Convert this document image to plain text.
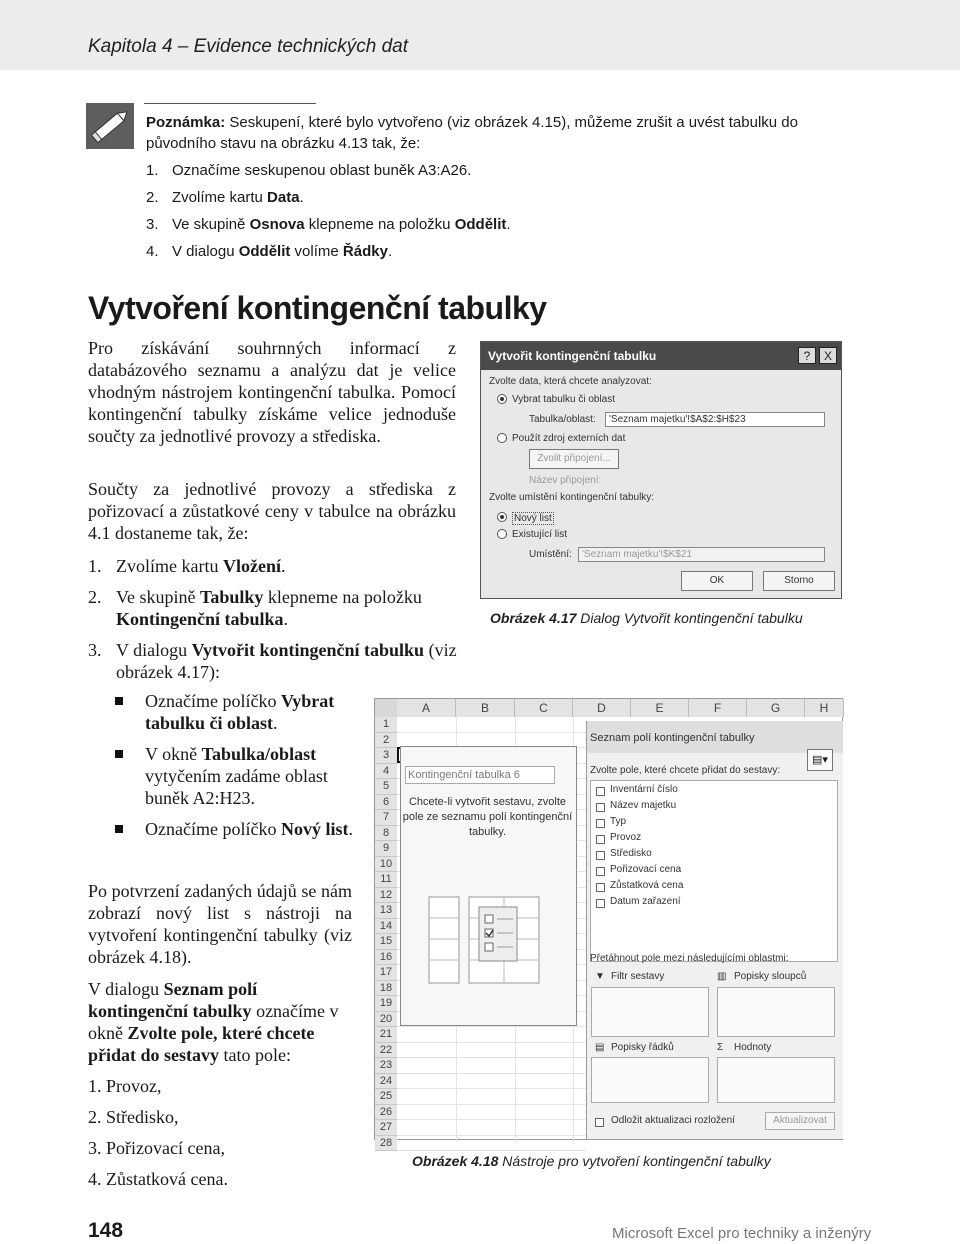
Kapitola 4 – Evidence technických dat
Poznámka: Seskupení, které bylo vytvořeno (viz obrázek 4.15), můžeme zrušit a uvést tabulku do původního stavu na obrázku 4.13 tak, že:
1. Označíme seskupenou oblast buněk A3:A26.
2. Zvolíme kartu Data.
3. Ve skupině Osnova klepneme na položku Oddělit.
4. V dialogu Oddělit volíme Řádky.
Vytvoření kontingenční tabulky
Pro získávání souhrnných informací z databázového seznamu a analýzu dat je velice vhodným nástrojem kontingenční tabulka. Pomocí kontingenční tabulky získáme velice jednoduše součty za jednotlivé provozy a střediska.
Součty za jednotlivé provozy a střediska z pořizovací a zůstatkové ceny v tabulce na obrázku 4.1 dostaneme tak, že:
1. Zvolíme kartu Vložení.
2. Ve skupině Tabulky klepneme na položku Kontingenční tabulka.
3. V dialogu Vytvořit kontingenční tabulku (viz obrázek 4.17):
Označíme políčko Vybrat tabulku či oblast.
V okně Tabulka/oblast vytyčením zadáme oblast buněk A2:H23.
Označíme políčko Nový list.
Po potvrzení zadaných údajů se nám zobrazí nový list s nástroji na vytvoření kontingenční tabulky (viz obrázek 4.18).
V dialogu Seznam polí kontingenční tabulky označíme v okně Zvolte pole, které chcete přidat do sestavy tato pole:
1. Provoz,
2. Středisko,
3. Pořizovací cena,
4. Zůstatková cena.
Vytvořit kontingenční tabulku	?	X
Zvolte data, která chcete analyzovat:
Vybrat tabulku či oblast
Tabulka/oblast:	'Seznam majetku'!$A$2:$H$23
Použít zdroj externích dat
Zvolit připojení...
Název připojení:
Zvolte umístění kontingenční tabulky:
Nový list
Existující list
Umístění:	'Seznam majetku'!$K$21
OK	Storno
Obrázek 4.17 Dialog Vytvořit kontingenční tabulku
A	B	C	D	E	F	G	H
1
2
3
4
5
6
7
8
9
10
11
12
13
14
15
16
17
18
19
20
21
22
23
24
25
26
27
28
Kontingenční tabulka 6
Chcete-li vytvořit sestavu, zvolte pole ze seznamu polí kontingenční tabulky.
Seznam polí kontingenční tabulky
▤▾
Zvolte pole, které chcete přidat do sestavy:
Inventární číslo
Název majetku
Typ
Provoz
Středisko
Pořizovací cena
Zůstatková cena
Datum zařazení
Přetáhnout pole mezi následujícími oblastmi:
▼ Filtr sestavy	▥ Popisky sloupců
▤ Popisky řádků	Σ Hodnoty
Odložit aktualizaci rozložení	Aktualizovat
Obrázek 4.18 Nástroje pro vytvoření kontingenční tabulky
148	Microsoft Excel pro techniky a inženýry
